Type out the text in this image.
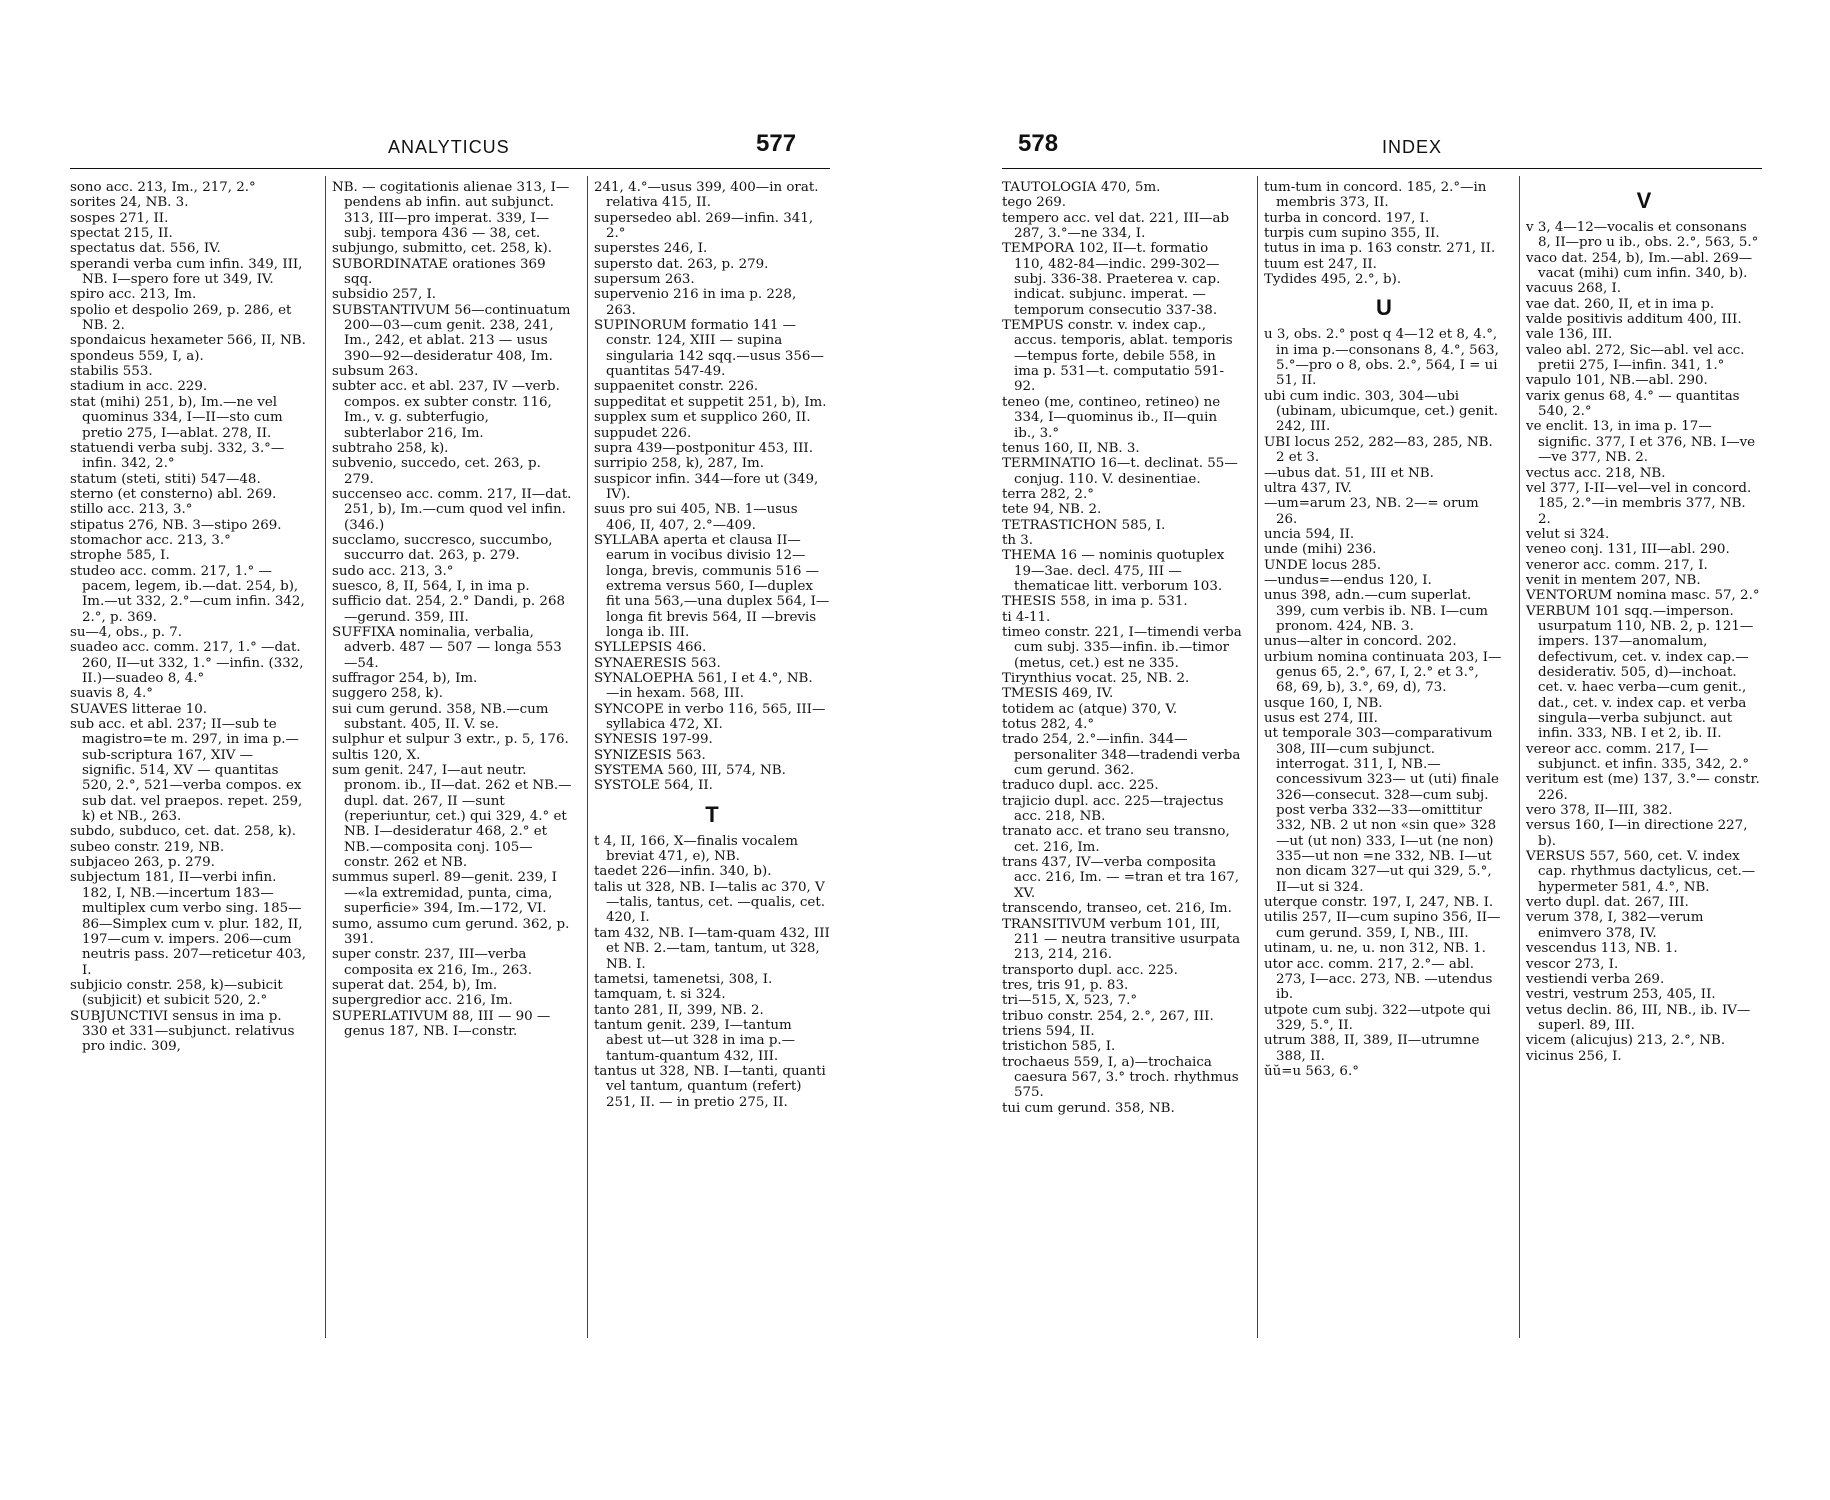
ANALYTICUS	577

sono acc. 213, Im., 217, 2.°

sorites 24, NB. 3.

sospes 271, II.

spectat 215, II.

spectatus dat. 556, IV.

sperandi verba cum infin. 349, III, NB. I—spero fore ut 349, IV.

spiro acc. 213, Im.

spolio et despolio 269, p. 286, et NB. 2.

spondaicus hexameter 566, II, NB.

spondeus 559, I, a).

stabilis 553.

stadium in acc. 229.

stat (mihi) 251, b), Im.—ne vel quominus 334, I—II—sto cum pretio 275, I—ablat. 278, II.

statuendi verba subj. 332, 3.°—infin. 342, 2.°

statum (steti, stiti) 547—48.

sterno (et consterno) abl. 269.

stillo acc. 213, 3.°

stipatus 276, NB. 3—stipo 269.

stomachor acc. 213, 3.°

strophe 585, I.

studeo acc. comm. 217, 1.° —pacem, legem, ib.—dat. 254, b), Im.—ut 332, 2.°—cum infin. 342, 2.°, p. 369.

su—4, obs., p. 7.

suadeo acc. comm. 217, 1.° —dat. 260, II—ut 332, 1.° —infin. (332, II.)—suadeo 8, 4.°

suavis 8, 4.°

SUAVES litterae 10.

sub acc. et abl. 237; II—sub te magistro=te m. 297, in ima p.—sub-scriptura 167, XIV — signific. 514, XV — quantitas 520, 2.°, 521—verba compos. ex sub dat. vel praepos. repet. 259, k) et NB., 263.

subdo, subduco, cet. dat. 258, k).

subeo constr. 219, NB.

subjaceo 263, p. 279.

subjectum 181, II—verbi infin. 182, I, NB.—incertum 183—multiplex cum verbo sing. 185—86—Simplex cum v. plur. 182, II, 197—cum v. impers. 206—cum neutris pass. 207—reticetur 403, I.

subjicio constr. 258, k)—subicit (subjicit) et subicit 520, 2.°

SUBJUNCTIVI sensus in ima p. 330 et 331—subjunct. relativus pro indic. 309,

NB. — cogitationis alienae 313, I—pendens ab infin. aut subjunct. 313, III—pro imperat. 339, I—subj. tempora 436 — 38, cet.

subjungo, submitto, cet. 258, k).

SUBORDINATAE orationes 369 sqq.

subsidio 257, I.

SUBSTANTIVUM 56—continuatum 200—03—cum genit. 238, 241, Im., 242, et ablat. 213 — usus 390—92—desideratur 408, Im.

subsum 263.

subter acc. et abl. 237, IV —verb. compos. ex subter constr. 116, Im., v. g. subterfugio, subterlabor 216, Im.

subtraho 258, k).

subvenio, succedo, cet. 263, p. 279.

succenseo acc. comm. 217, II—dat. 251, b), Im.—cum quod vel infin. (346.)

succlamo, succresco, succumbo, succurro dat. 263, p. 279.

sudo acc. 213, 3.°

suesco, 8, II, 564, I, in ima p.

sufficio dat. 254, 2.° Dandi, p. 268—gerund. 359, III.

SUFFIXA nominalia, verbalia, adverb. 487 — 507 — longa 553—54.

suffragor 254, b), Im.

suggero 258, k).

sui cum gerund. 358, NB.—cum substant. 405, II. V. se.

sulphur et sulpur 3 extr., p. 5, 176.

sultis 120, X.

sum genit. 247, I—aut neutr. pronom. ib., II—dat. 262 et NB.—dupl. dat. 267, II —sunt (reperiuntur, cet.) qui 329, 4.° et NB. I—desideratur 468, 2.° et NB.—composita conj. 105—constr. 262 et NB.

summus superl. 89—genit. 239, I—«la extremidad, punta, cima, superficie» 394, Im.—172, VI.

sumo, assumo cum gerund. 362, p. 391.

super constr. 237, III—verba composita ex 216, Im., 263.

superat dat. 254, b), Im.

supergredior acc. 216, Im.

SUPERLATIVUM 88, III — 90 — genus 187, NB. I—constr.

241, 4.°—usus 399, 400—in orat. relativa 415, II.

supersedeo abl. 269—infin. 341, 2.°

superstes 246, I.

supersto dat. 263, p. 279.

supersum 263.

supervenio 216 in ima p. 228, 263.

SUPINORUM formatio 141 — constr. 124, XIII — supina singularia 142 sqq.—usus 356—quantitas 547-49.

suppaenitet constr. 226.

suppeditat et suppetit 251, b), Im.

supplex sum et supplico 260, II.

suppudet 226.

supra 439—postponitur 453, III.

surripio 258, k), 287, Im.

suspicor infin. 344—fore ut (349, IV).

suus pro sui 405, NB. 1—usus 406, II, 407, 2.°—409.

SYLLABA aperta et clausa II—earum in vocibus divisio 12—longa, brevis, communis 516 — extrema versus 560, I—duplex fit una 563,—una duplex 564, I—longa fit brevis 564, II —brevis longa ib. III.

SYLLEPSIS 466.

SYNAERESIS 563.

SYNALOEPHA 561, I et 4.°, NB. —in hexam. 568, III.

SYNCOPE in verbo 116, 565, III—syllabica 472, XI.

SYNESIS 197-99.

SYNIZESIS 563.

SYSTEMA 560, III, 574, NB.

SYSTOLE 564, II.

T

t 4, II, 166, X—finalis vocalem breviat 471, e), NB.

taedet 226—infin. 340, b).

talis ut 328, NB. I—talis ac 370, V—talis, tantus, cet. —qualis, cet. 420, I.

tam 432, NB. I—tam-quam 432, III et NB. 2.—tam, tantum, ut 328, NB. I.

tametsi, tamenetsi, 308, I.

tamquam, t. si 324.

tanto 281, II, 399, NB. 2.

tantum genit. 239, I—tantum abest ut—ut 328 in ima p.—tantum-quantum 432, III.

tantus ut 328, NB. I—tanti, quanti vel tantum, quantum (refert) 251, II. — in pretio 275, II.

578	INDEX

TAUTOLOGIA 470, 5m.

tego 269.

tempero acc. vel dat. 221, III—ab 287, 3.°—ne 334, I.

TEMPORA 102, II—t. formatio 110, 482-84—indic. 299-302—subj. 336-38. Praeterea v. cap. indicat. subjunc. imperat. — temporum consecutio 337-38.

TEMPUS constr. v. index cap., accus. temporis, ablat. temporis—tempus forte, debile 558, in ima p. 531—t. computatio 591-92.

teneo (me, contineo, retineo) ne 334, I—quominus ib., II—quin ib., 3.°

tenus 160, II, NB. 3.

TERMINATIO 16—t. declinat. 55—conjug. 110. V. desinentiae.

terra 282, 2.°

tete 94, NB. 2.

TETRASTICHON 585, I.

th 3.

THEMA 16 — nominis quotuplex 19—3ae. decl. 475, III —thematicae litt. verborum 103.

THESIS 558, in ima p. 531.

ti 4-11.

timeo constr. 221, I—timendi verba cum subj. 335—infin. ib.—timor (metus, cet.) est ne 335.

Tirynthius vocat. 25, NB. 2.

TMESIS 469, IV.

totidem ac (atque) 370, V.

totus 282, 4.°

trado 254, 2.°—infin. 344—personaliter 348—tradendi verba cum gerund. 362.

traduco dupl. acc. 225.

trajicio dupl. acc. 225—trajectus acc. 218, NB.

tranato acc. et trano seu transno, cet. 216, Im.

trans 437, IV—verba composita acc. 216, Im. — =tran et tra 167, XV.

transcendo, transeo, cet. 216, Im.

TRANSITIVUM verbum 101, III, 211 — neutra transitive usurpata 213, 214, 216.

transporto dupl. acc. 225.

tres, tris 91, p. 83.

tri—515, X, 523, 7.°

tribuo constr. 254, 2.°, 267, III.

triens 594, II.

tristichon 585, I.

trochaeus 559, I, a)—trochaica caesura 567, 3.° troch. rhythmus 575.

tui cum gerund. 358, NB.

tum-tum in concord. 185, 2.°—in membris 373, II.

turba in concord. 197, I.

turpis cum supino 355, II.

tutus in ima p. 163 constr. 271, II.

tuum est 247, II.

Tydides 495, 2.°, b).

U

u 3, obs. 2.° post q 4—12 et 8, 4.°, in ima p.—consonans 8, 4.°, 563, 5.°—pro o 8, obs. 2.°, 564, I = ui 51, II.

ubi cum indic. 303, 304—ubi (ubinam, ubicumque, cet.) genit. 242, III.

UBI locus 252, 282—83, 285, NB. 2 et 3.

—ubus dat. 51, III et NB.

ultra 437, IV.

—um=arum 23, NB. 2—= orum 26.

uncia 594, II.

unde (mihi) 236.

UNDE locus 285.

—undus=—endus 120, I.

unus 398, adn.—cum superlat. 399, cum verbis ib. NB. I—cum pronom. 424, NB. 3.

unus—alter in concord. 202.

urbium nomina continuata 203, I—genus 65, 2.°, 67, I, 2.° et 3.°, 68, 69, b), 3.°, 69, d), 73.

usque 160, I, NB.

usus est 274, III.

ut temporale 303—comparativum 308, III—cum subjunct. interrogat. 311, I, NB.—concessivum 323— ut (uti) finale 326—consecut. 328—cum subj. post verba 332—33—omittitur 332, NB. 2 ut non «sin que» 328—ut (ut non) 333, I—ut (ne non) 335—ut non =ne 332, NB. I—ut non dicam 327—ut qui 329, 5.°, II—ut si 324.

uterque constr. 197, I, 247, NB. I.

utilis 257, II—cum supino 356, II—cum gerund. 359, I, NB., III.

utinam, u. ne, u. non 312, NB. 1.

utor acc. comm. 217, 2.°— abl. 273, I—acc. 273, NB. —utendus ib.

utpote cum subj. 322—utpote qui 329, 5.°, II.

utrum 388, II, 389, II—utrumne 388, II.

ŭŭ=u 563, 6.°

V

v 3, 4—12—vocalis et consonans 8, II—pro u ib., obs. 2.°, 563, 5.°

vaco dat. 254, b), Im.—abl. 269—vacat (mihi) cum infin. 340, b).

vacuus 268, I.

vae dat. 260, II, et in ima p.

valde positivis additum 400, III.

vale 136, III.

valeo abl. 272, Sic—abl. vel acc. pretii 275, I—infin. 341, 1.°

vapulo 101, NB.—abl. 290.

varix genus 68, 4.° — quantitas 540, 2.°

ve enclit. 13, in ima p. 17— signific. 377, I et 376, NB. I—ve—ve 377, NB. 2.

vectus acc. 218, NB.

vel 377, I-II—vel—vel in concord. 185, 2.°—in membris 377, NB. 2.

velut si 324.

veneo conj. 131, III—abl. 290.

veneror acc. comm. 217, I.

venit in mentem 207, NB.

VENTORUM nomina masc. 57, 2.°

VERBUM 101 sqq.—imperson. usurpatum 110, NB. 2, p. 121—impers. 137—anomalum, defectivum, cet. v. index cap.—desiderativ. 505, d)—inchoat. cet. v. haec verba—cum genit., dat., cet. v. index cap. et verba singula—verba subjunct. aut infin. 333, NB. I et 2, ib. II.

vereor acc. comm. 217, I— subjunct. et infin. 335, 342, 2.°

veritum est (me) 137, 3.°— constr. 226.

vero 378, II—III, 382.

versus 160, I—in directione 227, b).

VERSUS 557, 560, cet. V. index cap. rhythmus dactylicus, cet.—hypermeter 581, 4.°, NB.

verto dupl. dat. 267, III.

verum 378, I, 382—verum enimvero 378, IV.

vescendus 113, NB. 1.

vescor 273, I.

vestiendi verba 269.

vestri, vestrum 253, 405, II.

vetus declin. 86, III, NB., ib. IV—superl. 89, III.

vicem (alicujus) 213, 2.°, NB.

vicinus 256, I.
